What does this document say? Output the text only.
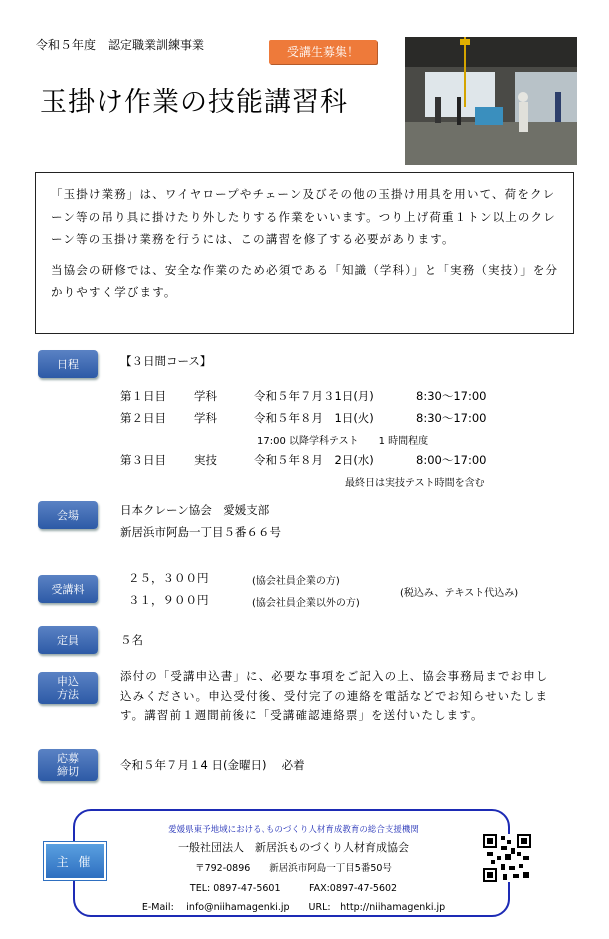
令和５年度　認定職業訓練事業	受講生募集！
玉掛け作業の技能講習科

「玉掛け業務」は、ワイヤロープやチェーン及びその他の玉掛け用具を用いて、荷をクレーン等の吊り具に掛けたり外したりする作業をいいます。つり上げ荷重１トン以上のクレーン等の玉掛け業務を行うには、この講習を修了する必要があります。

当協会の研修では、安全な作業のため必須である「知識（学科）」と「実務（実技）」を分かりやすく学びます。

日程	【３日間コース】
第１日目 学科	令和５年７月３1日(月)	8:30～17:00
第２日目 学科	令和５年８月　1日(火)	8:30～17:00
17:00 以降学科テスト　　1 時間程度
第３日目 実技	令和５年８月　2日(水)	8:00～17:00
最終日は実技テスト時間を含む
会場	日本クレーン協会　愛媛支部
新居浜市阿島一丁目５番６６号
受講料
２５，３００円	(協会社員企業の方)
３１，９００円	(協会社員企業以外の方)
(税込み、テキスト代込み)
定員	５名
申込
方法
添付の「受講申込書」に、必要な事項をご記入の上、協会事務局までお申し込みください。申込受付後、受付完了の連絡を電話などでお知らせいたします。講習前１週間前後に「受講確認連絡票」を送付いたします。
応募
締切	令和５年７月１4 日(金曜日)　 必着
愛媛県東予地域における､ものづくり人材育成教育の総合支援機関
一般社団法人　新居浜ものづくり人材育成協会
〒792-0896　　新居浜市阿島一丁目5番50号
TEL: 0897-47-5601　　　FAX:0897-47-5602
E-Mail:　 info@niihamagenki.jp　　URL:　http://niihamagenki.jp
主 催
